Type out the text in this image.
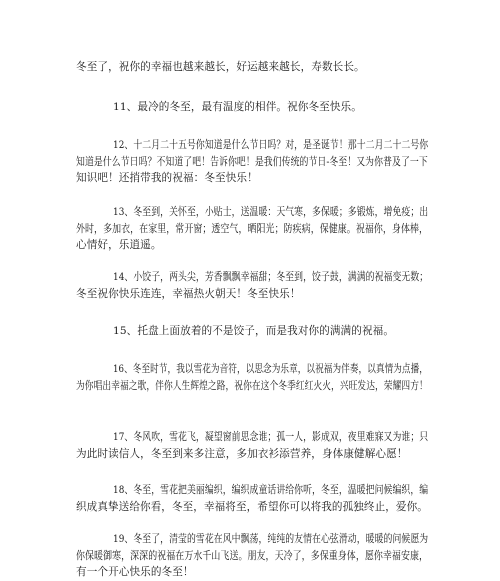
冬至了，祝你的幸福也越来越长，好运越来越长，寿数长长。
11、最冷的冬至，最有温度的相伴。祝你冬至快乐。
12、十二月二十五号你知道是什么节日吗？对，是圣诞节！那十二月二十二号你
知道是什么节日吗？不知道了吧！告诉你吧！是我们传统的节日-冬至！又为你普及了一下
知识吧！还捎带我的祝福：冬至快乐！
13、冬至到，关怀至，小贴士，送温暖：天气寒，多保暖；多锻炼，增免疫；出
外时，多加衣，在家里，常开窗；透空气，晒阳光；防疾病，保健康。祝福你，身体棒，
心情好，乐逍遥。
14、小饺子，两头尖，芳香飘飘幸福甜；冬至到，饺子鼓，满满的祝福变无数；
冬至祝你快乐连连，幸福热火朝天！冬至快乐！
15、托盘上面放着的不是饺子，而是我对你的满满的祝福。
16、冬至时节，我以雪花为音符，以思念为乐章，以祝福为伴奏，以真情为点播，
为你唱出幸福之歌，伴你人生辉煌之路，祝你在这个冬季红红火火，兴旺发达，荣耀四方！
17、冬风吹，雪花飞，凝望窗前思念谁；孤一人，影成双，夜里难寐又为谁；只
为此时读信人，冬至到来多注意，多加衣衫添营养，身体康健解心愿！
18、冬至，雪花把美丽编织，编织成童话讲给你听，冬至，温暖把问候编织，编
织成真挚送给你看，冬至，幸福将至，希望你可以将我的孤独终止，爱你。
19、冬至了，清莹的雪花在风中飘荡，纯纯的友情在心弦滑动，暖暖的问候愿为
你保暖御寒，深深的祝福在万水千山飞送。朋友，天冷了，多保重身体，愿你幸福安康，
有一个开心快乐的冬至！
